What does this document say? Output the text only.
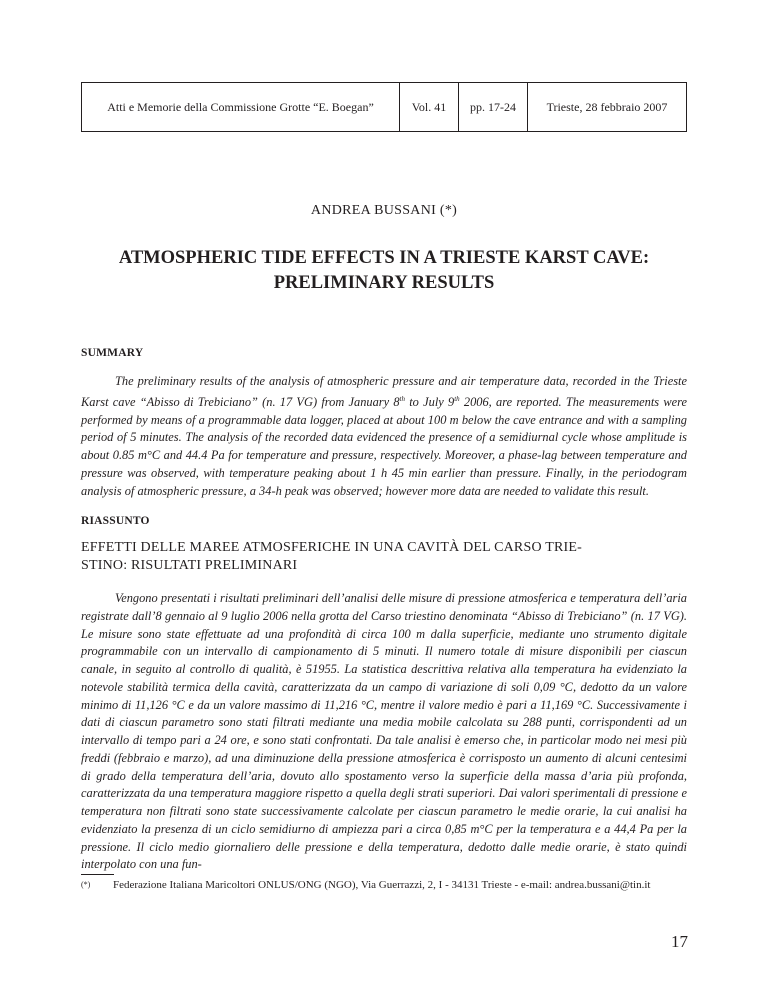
Atti e Memorie della Commissione Grotte “E. Boegan”	Vol. 41	pp. 17-24	Trieste, 28 febbraio 2007
ANDREA BUSSANI (*)
ATMOSPHERIC TIDE EFFECTS IN A TRIESTE KARST CAVE:
PRELIMINARY RESULTS
SUMMARY

The preliminary results of the analysis of atmospheric pressure and air temperature data, recorded in the Trieste Karst cave “Abisso di Trebiciano” (n. 17 VG) from January 8th to July 9th 2006, are reported. The measurements were performed by means of a programmable data logger, placed at about 100 m below the cave entrance and with a sampling period of 5 minutes. The analysis of the recorded data evidenced the presence of a semidiurnal cycle whose amplitude is about 0.85 m°C and 44.4 Pa for temperature and pressure, respectively. Moreover, a phase-lag between temperature and pressure was observed, with temperature peaking about 1 h 45 min earlier than pressure. Finally, in the periodogram analysis of atmospheric pressure, a 34-h peak was observed; however more data are needed to validate this result.

RIASSUNTO
EFFETTI DELLE MAREE ATMOSFERICHE IN UNA CAVITÀ DEL CARSO TRIE-
STINO: RISULTATI PRELIMINARI

Vengono presentati i risultati preliminari dell’analisi delle misure di pressione atmosferica e temperatura dell’aria registrate dall’8 gennaio al 9 luglio 2006 nella grotta del Carso triestino denominata “Abisso di Trebiciano” (n. 17 VG). Le misure sono state effettuate ad una profondità di circa 100 m dalla superficie, mediante uno strumento digitale programmabile con un intervallo di campionamento di 5 minuti. Il numero totale di misure disponibili per ciascun canale, in seguito al controllo di qualità, è 51955. La statistica descrittiva relativa alla temperatura ha evidenziato la notevole stabilità termica della cavità, caratterizzata da un campo di variazione di soli 0,09 °C, dedotto da un valore minimo di 11,126 °C e da un valore massimo di 11,216 °C, mentre il valore medio è pari a 11,169 °C. Successivamente i dati di ciascun parametro sono stati filtrati mediante una media mobile calcolata su 288 punti, corrispondenti ad un intervallo di tempo pari a 24 ore, e sono stati confrontati. Da tale analisi è emerso che, in particolar modo nei mesi più freddi (febbraio e marzo), ad una diminuzione della pressione atmosferica è corrisposto un aumento di alcuni centesimi di grado della temperatura dell’aria, dovuto allo spostamento verso la superficie della massa d’aria più profonda, caratterizzata da una temperatura maggiore rispetto a quella degli strati superiori. Dai valori sperimentali di pressione e temperatura non filtrati sono state successivamente calcolate per ciascun parametro le medie orarie, la cui analisi ha evidenziato la presenza di un ciclo semidiurno di ampiezza pari a circa 0,85 m°C per la temperatura e a 44,4 Pa per la pressione. Il ciclo medio giornaliero delle pressione e della temperatura, dedotto dalle medie orarie, è stato quindi interpolato con una fun-

(*) Federazione Italiana Maricoltori ONLUS/ONG (NGO), Via Guerrazzi, 2, I - 34131 Trieste - e-mail: andrea.bussani@tin.it
17
